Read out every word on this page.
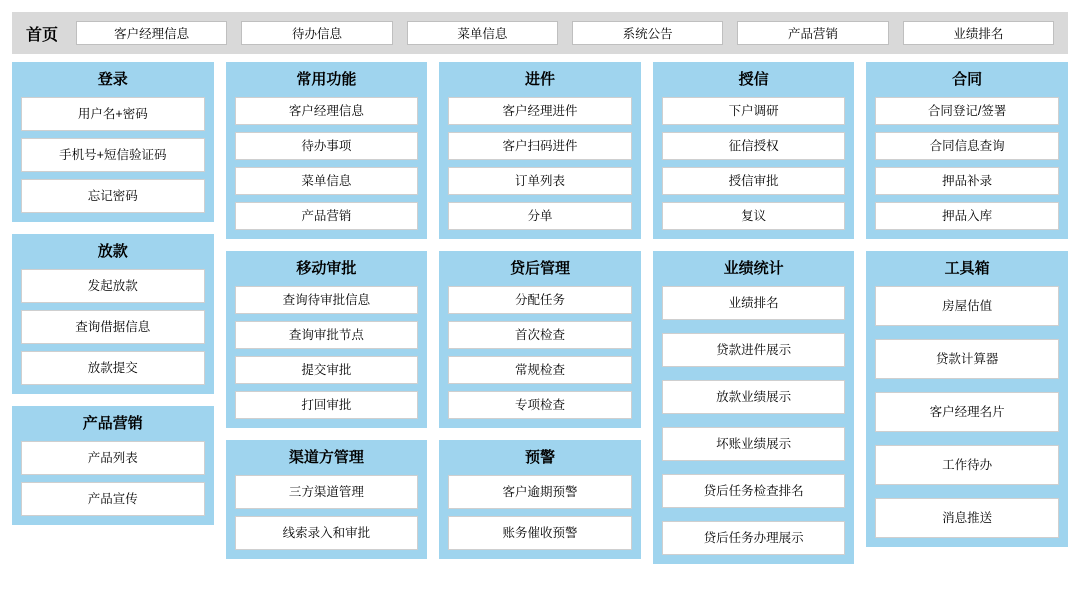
首页	客户经理信息	待办信息	菜单信息	系统公告	产品营销	业绩排名
登录
用户名+密码
手机号+短信验证码
忘记密码
放款
发起放款
查询借据信息
放款提交
产品营销
产品列表
产品宣传
常用功能
客户经理信息
待办事项
菜单信息
产品营销
移动审批
查询待审批信息
查询审批节点
提交审批
打回审批
渠道方管理
三方渠道管理
线索录入和审批
进件
客户经理进件
客户扫码进件
订单列表
分单
贷后管理
分配任务
首次检查
常规检查
专项检查
预警
客户逾期预警
账务催收预警
授信
下户调研
征信授权
授信审批
复议
业绩统计
业绩排名
贷款进件展示
放款业绩展示
坏账业绩展示
贷后任务检查排名
贷后任务办理展示
合同
合同登记/签署
合同信息查询
押品补录
押品入库
工具箱
房屋估值
贷款计算器
客户经理名片
工作待办
消息推送
